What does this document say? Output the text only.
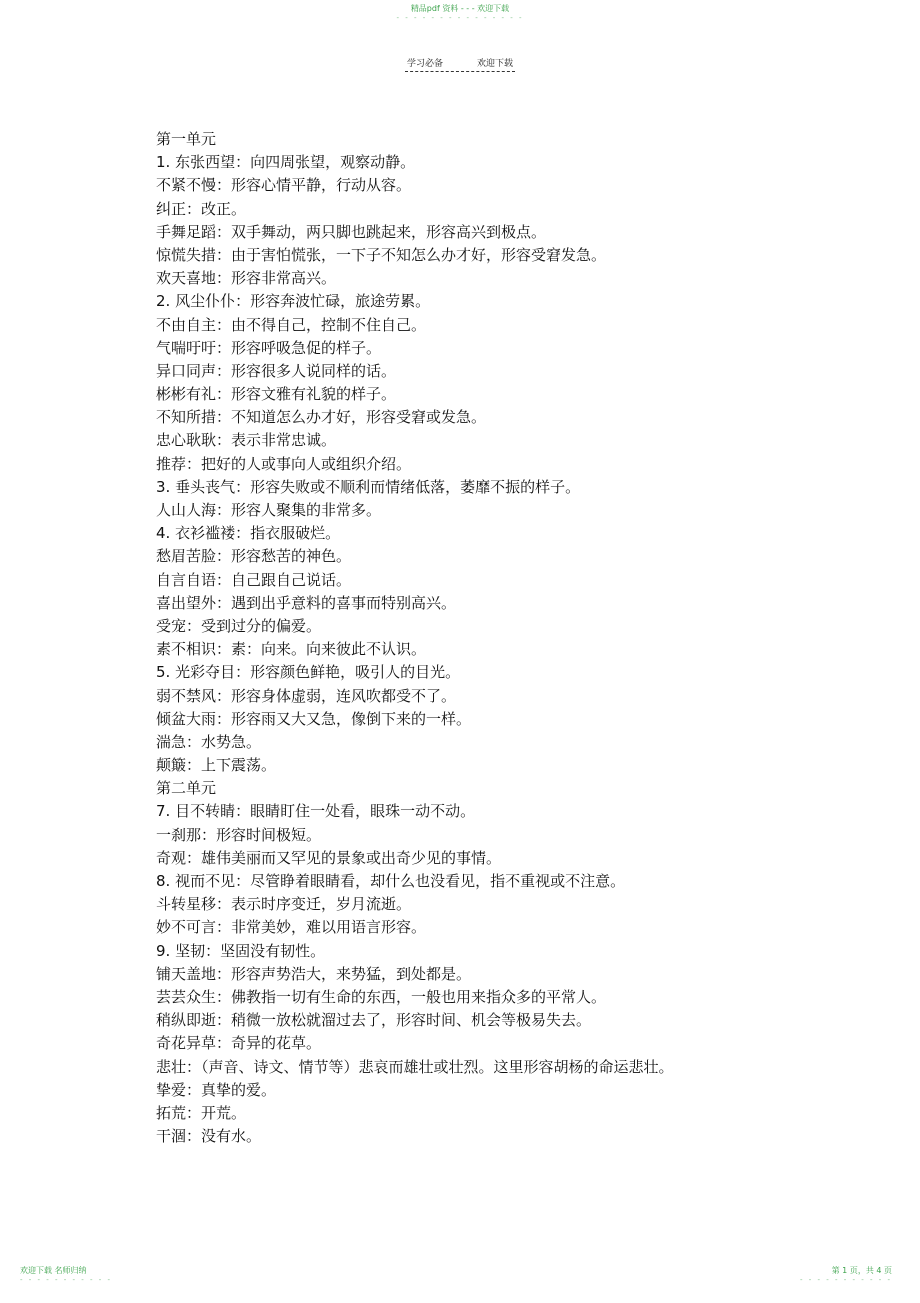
精品pdf 资料 - - - 欢迎下载
- - - - - - - - - - - - - - -
学习必备	欢迎下载
第一单元
1. 东张西望：向四周张望，观察动静。
不紧不慢：形容心情平静，行动从容。
纠正：改正。
手舞足蹈：双手舞动，两只脚也跳起来，形容高兴到极点。
惊慌失措：由于害怕慌张，一下子不知怎么办才好，形容受窘发急。
欢天喜地：形容非常高兴。
2. 风尘仆仆：形容奔波忙碌，旅途劳累。
不由自主：由不得自己，控制不住自己。
气喘吁吁：形容呼吸急促的样子。
异口同声：形容很多人说同样的话。
彬彬有礼：形容文雅有礼貌的样子。
不知所措：不知道怎么办才好，形容受窘或发急。
忠心耿耿：表示非常忠诚。
推荐：把好的人或事向人或组织介绍。
3. 垂头丧气：形容失败或不顺利而情绪低落，萎靡不振的样子。
人山人海：形容人聚集的非常多。
4. 衣衫褴褛：指衣服破烂。
愁眉苦脸：形容愁苦的神色。
自言自语：自己跟自己说话。
喜出望外：遇到出乎意料的喜事而特别高兴。
受宠：受到过分的偏爱。
素不相识：素：向来。向来彼此不认识。
5. 光彩夺目：形容颜色鲜艳，吸引人的目光。
弱不禁风：形容身体虚弱，连风吹都受不了。
倾盆大雨：形容雨又大又急，像倒下来的一样。
湍急：水势急。
颠簸：上下震荡。
第二单元
7. 目不转睛：眼睛盯住一处看，眼珠一动不动。
一刹那：形容时间极短。
奇观：雄伟美丽而又罕见的景象或出奇少见的事情。
8. 视而不见：尽管睁着眼睛看，却什么也没看见，指不重视或不注意。
斗转星移：表示时序变迁，岁月流逝。
妙不可言：非常美妙，难以用语言形容。
9. 坚韧：坚固没有韧性。
铺天盖地：形容声势浩大，来势猛，到处都是。
芸芸众生：佛教指一切有生命的东西，一般也用来指众多的平常人。
稍纵即逝：稍微一放松就溜过去了，形容时间、机会等极易失去。
奇花异草：奇异的花草。
悲壮：（声音、诗文、情节等）悲哀而雄壮或壮烈。这里形容胡杨的命运悲壮。
挚爱：真挚的爱。
拓荒：开荒。
干涸：没有水。
欢迎下载 名师归纳
- - - - - - - - - - -
第 1 页，共 4 页
- - - - - - - - - - -
